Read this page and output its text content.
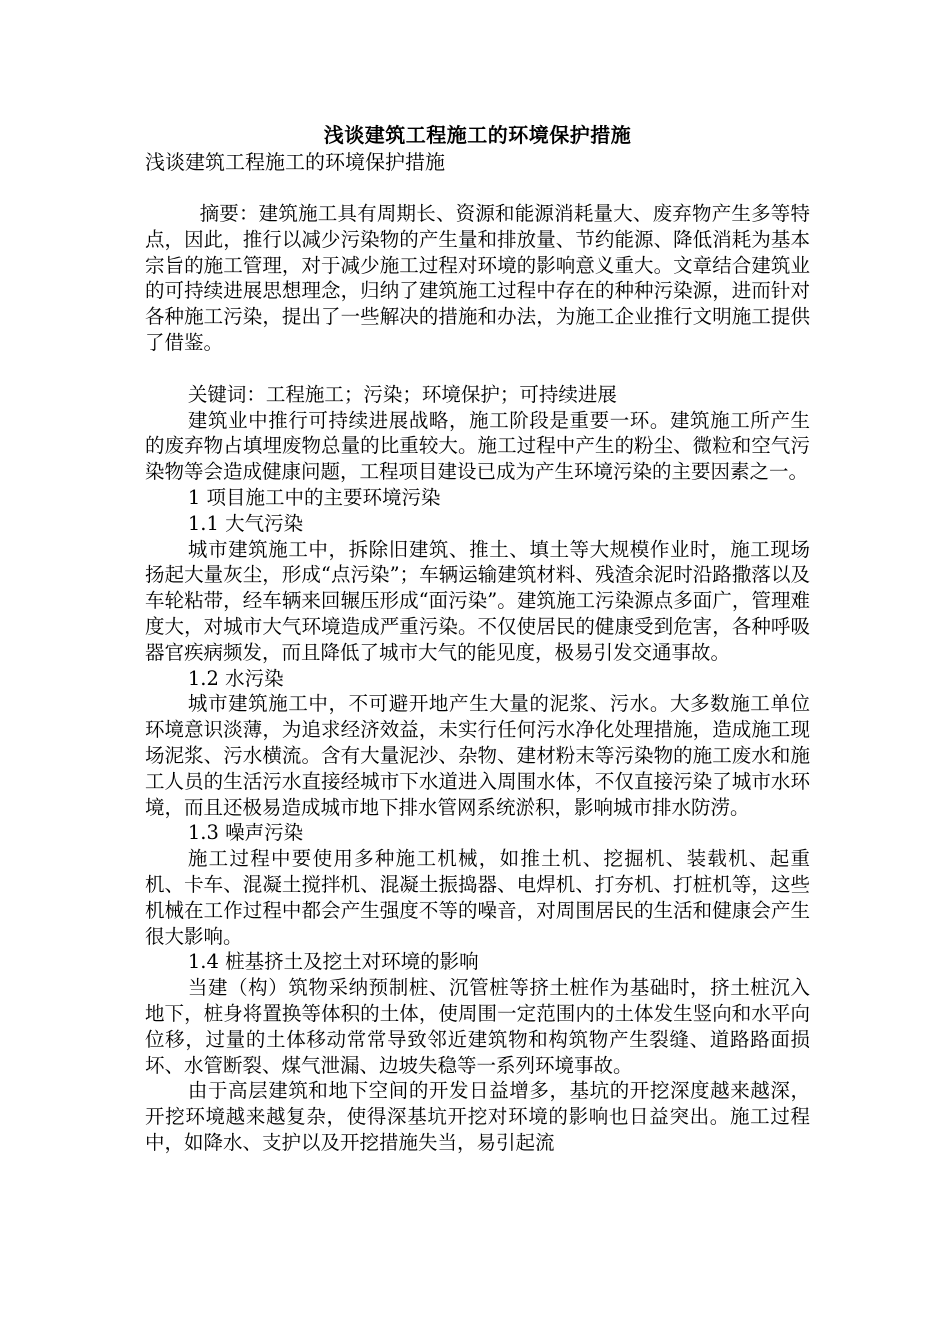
浅谈建筑工程施工的环境保护措施

浅谈建筑工程施工的环境保护措施

摘要：建筑施工具有周期长、资源和能源消耗量大、废弃物产生多等特点，因此，推行以减少污染物的产生量和排放量、节约能源、降低消耗为基本宗旨的施工管理，对于减少施工过程对环境的影响意义重大。文章结合建筑业的可持续进展思想理念，归纳了建筑施工过程中存在的种种污染源，进而针对各种施工污染，提出了一些解决的措施和办法，为施工企业推行文明施工提供了借鉴。

关键词：工程施工；污染；环境保护；可持续进展

建筑业中推行可持续进展战略，施工阶段是重要一环。建筑施工所产生的废弃物占填埋废物总量的比重较大。施工过程中产生的粉尘、微粒和空气污染物等会造成健康问题，工程项目建设已成为产生环境污染的主要因素之一。

1 项目施工中的主要环境污染

1.1 大气污染

城市建筑施工中，拆除旧建筑、推土、填土等大规模作业时，施工现场扬起大量灰尘，形成“点污染”；车辆运输建筑材料、残渣余泥时沿路撒落以及车轮粘带，经车辆来回辗压形成“面污染”。建筑施工污染源点多面广，管理难度大，对城市大气环境造成严重污染。不仅使居民的健康受到危害，各种呼吸器官疾病频发，而且降低了城市大气的能见度，极易引发交通事故。

1.2 水污染

城市建筑施工中，不可避开地产生大量的泥浆、污水。大多数施工单位环境意识淡薄，为追求经济效益，未实行任何污水净化处理措施，造成施工现场泥浆、污水横流。含有大量泥沙、杂物、建材粉末等污染物的施工废水和施工人员的生活污水直接经城市下水道进入周围水体，不仅直接污染了城市水环境，而且还极易造成城市地下排水管网系统淤积，影响城市排水防涝。

1.3 噪声污染

施工过程中要使用多种施工机械，如推土机、挖掘机、装载机、起重机、卡车、混凝土搅拌机、混凝土振捣器、电焊机、打夯机、打桩机等，这些机械在工作过程中都会产生强度不等的噪音，对周围居民的生活和健康会产生很大影响。

1.4 桩基挤土及挖土对环境的影响

当建（构）筑物采纳预制桩、沉管桩等挤土桩作为基础时，挤土桩沉入地下，桩身将置换等体积的土体，使周围一定范围内的土体发生竖向和水平向位移，过量的土体移动常常导致邻近建筑物和构筑物产生裂缝、道路路面损坏、水管断裂、煤气泄漏、边坡失稳等一系列环境事故。

由于高层建筑和地下空间的开发日益增多，基坑的开挖深度越来越深，开挖环境越来越复杂，使得深基坑开挖对环境的影响也日益突出。施工过程中，如降水、支护以及开挖措施失当，易引起流
